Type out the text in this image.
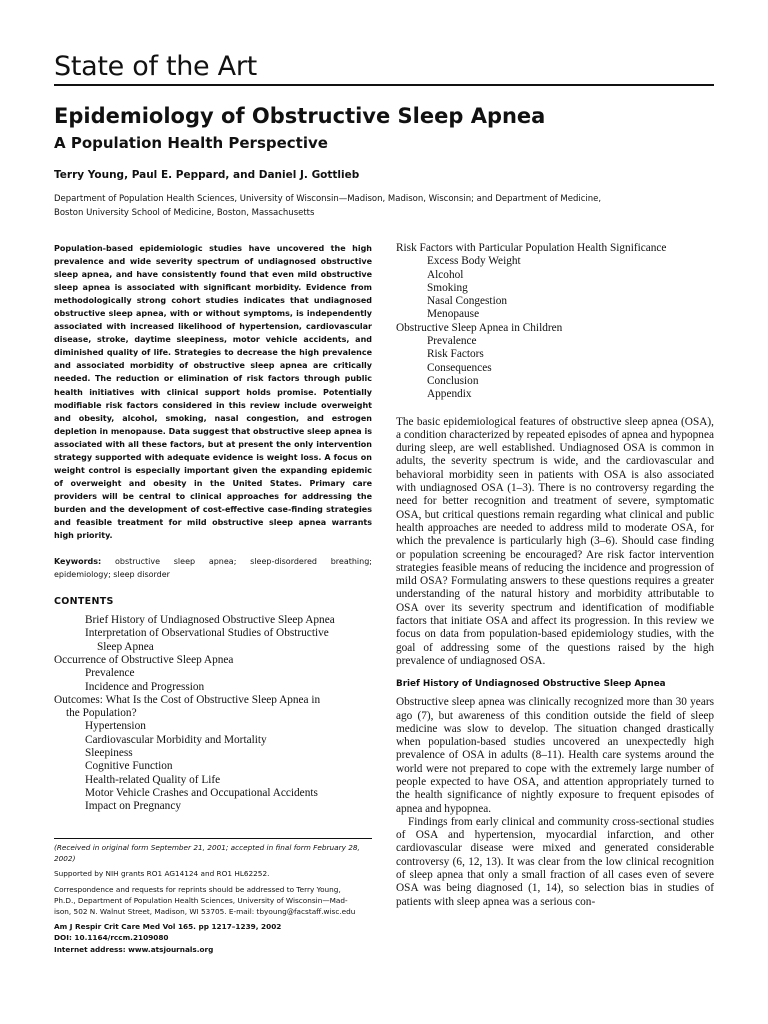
State of the Art
Epidemiology of Obstructive Sleep Apnea
A Population Health Perspective
Terry Young, Paul E. Peppard, and Daniel J. Gottlieb
Department of Population Health Sciences, University of Wisconsin—Madison, Madison, Wisconsin; and Department of Medicine,
Boston University School of Medicine, Boston, Massachusetts

Population-based epidemiologic studies have uncovered the high prevalence and wide severity spectrum of undiagnosed obstructive sleep apnea, and have consistently found that even mild obstructive sleep apnea is associated with significant morbidity. Evidence from methodologically strong cohort studies indicates that undiagnosed obstructive sleep apnea, with or without symptoms, is independently associated with increased likelihood of hypertension, cardiovascular disease, stroke, daytime sleepiness, motor vehicle accidents, and diminished quality of life. Strategies to decrease the high prevalence and associated morbidity of obstructive sleep apnea are critically needed. The reduction or elimination of risk factors through public health initiatives with clinical support holds promise. Potentially modifiable risk factors considered in this review include overweight and obesity, alcohol, smoking, nasal congestion, and estrogen depletion in menopause. Data suggest that obstructive sleep apnea is associated with all these factors, but at present the only intervention strategy supported with adequate evidence is weight loss. A focus on weight control is especially important given the expanding epidemic of overweight and obesity in the United States. Primary care providers will be central to clinical approaches for addressing the burden and the development of cost-effective case-finding strategies and feasible treatment for mild obstructive sleep apnea warrants high priority.

Keywords: obstructive sleep apnea; sleep-disordered breathing; epidemiology; sleep disorder
CONTENTS
Brief History of Undiagnosed Obstructive Sleep Apnea
Interpretation of Observational Studies of Obstructive
Sleep Apnea
Occurrence of Obstructive Sleep Apnea
Prevalence
Incidence and Progression
Outcomes: What Is the Cost of Obstructive Sleep Apnea in
the Population?
Hypertension
Cardiovascular Morbidity and Mortality
Sleepiness
Cognitive Function
Health-related Quality of Life
Motor Vehicle Crashes and Occupational Accidents
Impact on Pregnancy

(Received in original form September 21, 2001; accepted in final form February 28, 2002)

Supported by NIH grants RO1 AG14124 and RO1 HL62252.

Correspondence and requests for reprints should be addressed to Terry Young,
Ph.D., Department of Population Health Sciences, University of Wisconsin—Mad-
ison, 502 N. Walnut Street, Madison, WI 53705. E-mail: tbyoung@facstaff.wisc.edu

Am J Respir Crit Care Med Vol 165. pp 1217–1239, 2002
DOI: 10.1164/rccm.2109080
Internet address: www.atsjournals.org
Risk Factors with Particular Population Health Significance
Excess Body Weight
Alcohol
Smoking
Nasal Congestion
Menopause
Obstructive Sleep Apnea in Children
Prevalence
Risk Factors
Consequences
Conclusion
Appendix

The basic epidemiological features of obstructive sleep apnea (OSA), a condition characterized by repeated episodes of apnea and hypopnea during sleep, are well established. Undiagnosed OSA is common in adults, the severity spectrum is wide, and the cardiovascular and behavioral morbidity seen in patients with OSA is also associated with undiagnosed OSA (1–3). There is no controversy regarding the need for better recognition and treatment of severe, symptomatic OSA, but critical questions remain regarding what clinical and public health approaches are needed to address mild to moderate OSA, for which the prevalence is particularly high (3–6). Should case finding or population screening be encouraged? Are risk factor intervention strategies feasible means of reducing the incidence and progression of mild OSA? Formulating answers to these questions requires a greater understanding of the natural history and morbidity attributable to OSA over its severity spectrum and identification of modifiable factors that initiate OSA and affect its progression. In this review we focus on data from population-based epidemiology studies, with the goal of addressing some of the questions raised by the high prevalence of undiagnosed OSA.

Brief History of Undiagnosed Obstructive Sleep Apnea

Obstructive sleep apnea was clinically recognized more than 30 years ago (7), but awareness of this condition outside the field of sleep medicine was slow to develop. The situation changed drastically when population-based studies uncovered an unexpectedly high prevalence of OSA in adults (8–11). Health care systems around the world were not prepared to cope with the extremely large number of people expected to have OSA, and attention appropriately turned to the health significance of nightly exposure to frequent episodes of apnea and hypopnea.

Findings from early clinical and community cross-sectional studies of OSA and hypertension, myocardial infarction, and other cardiovascular disease were mixed and generated considerable controversy (6, 12, 13). It was clear from the low clinical recognition of sleep apnea that only a small fraction of all cases even of severe OSA was being diagnosed (1, 14), so selection bias in studies of patients with sleep apnea was a serious con-
